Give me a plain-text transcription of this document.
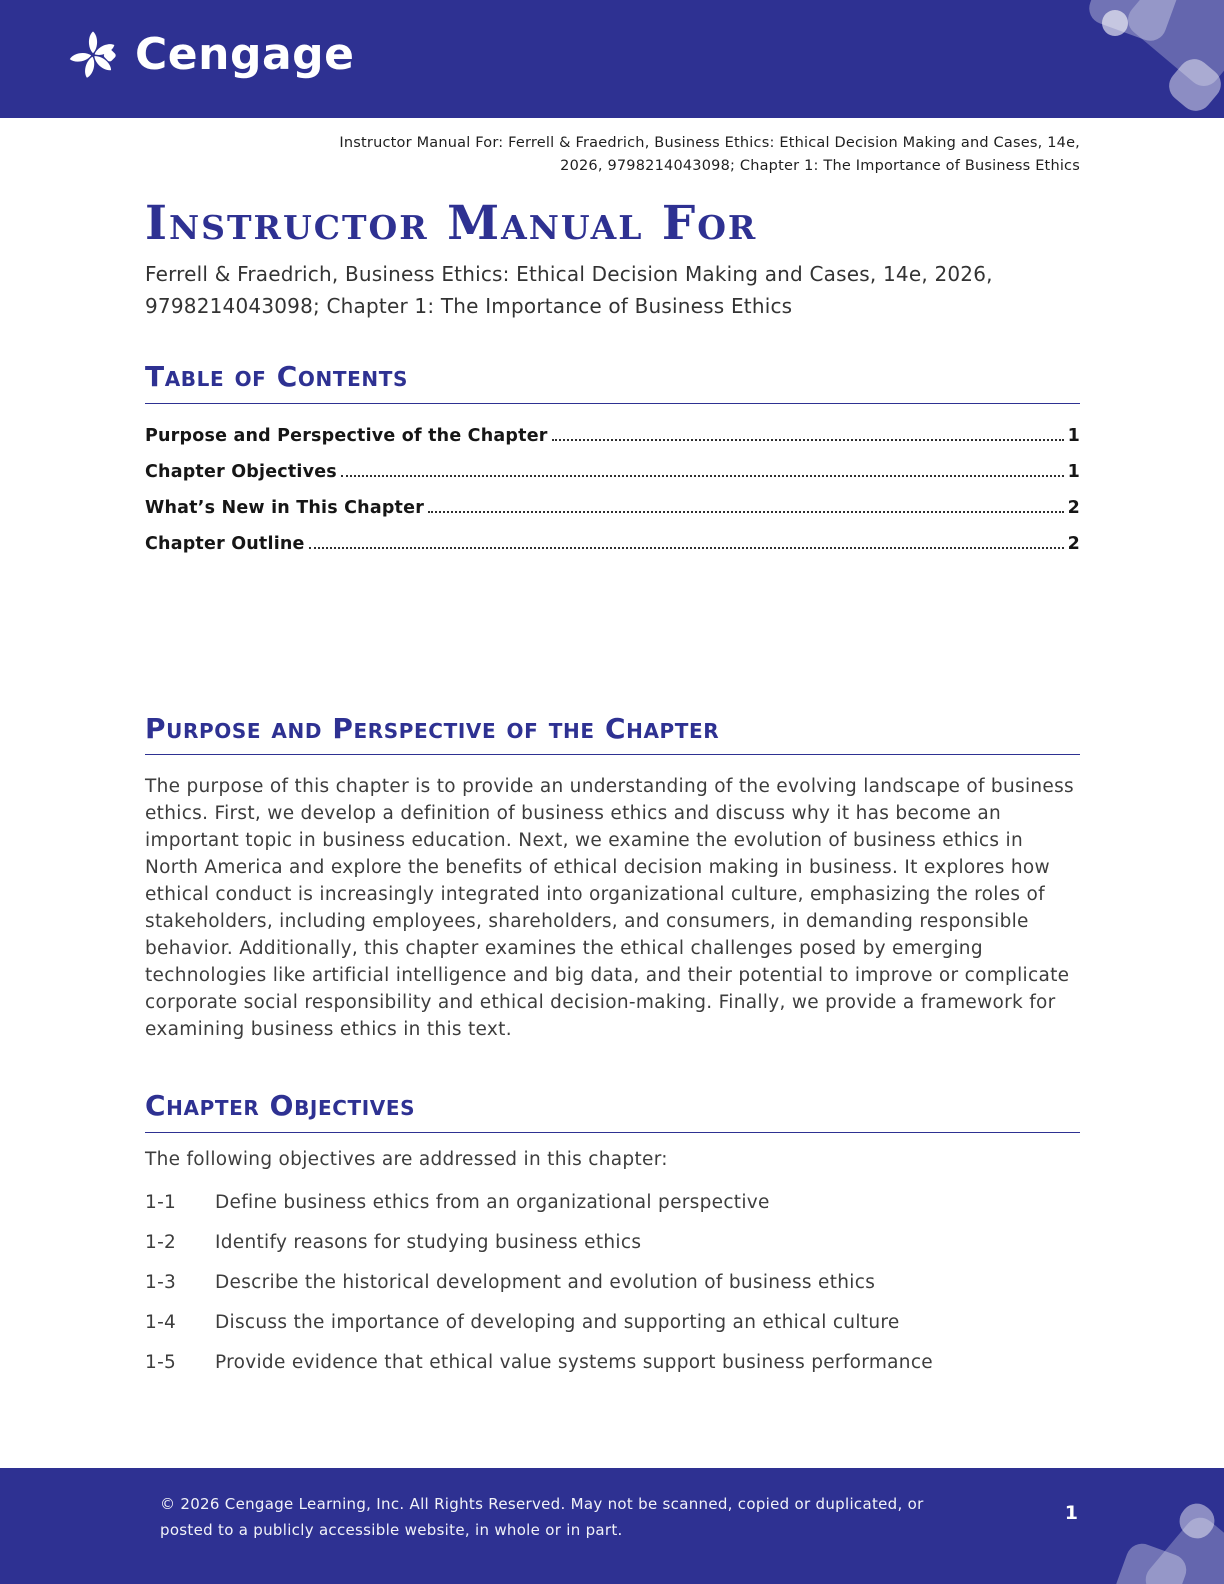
Cengage
Instructor Manual For: Ferrell & Fraedrich, Business Ethics: Ethical Decision Making and Cases, 14e,
2026, 9798214043098; Chapter 1: The Importance of Business Ethics
Instructor Manual For

Ferrell & Fraedrich, Business Ethics: Ethical Decision Making and Cases, 14e, 2026, 9798214043098; Chapter 1: The Importance of Business Ethics

Table of Contents
Purpose and Perspective of the Chapter	1
Chapter Objectives	1
What’s New in This Chapter	2
Chapter Outline	2
Purpose and Perspective of the Chapter

The purpose of this chapter is to provide an understanding of the evolving landscape of business ethics. First, we develop a definition of business ethics and discuss why it has become an important topic in business education. Next, we examine the evolution of business ethics in North America and explore the benefits of ethical decision making in business. It explores how ethical conduct is increasingly integrated into organizational culture, emphasizing the roles of stakeholders, including employees, shareholders, and consumers, in demanding responsible behavior. Additionally, this chapter examines the ethical challenges posed by emerging technologies like artificial intelligence and big data, and their potential to improve or complicate corporate social responsibility and ethical decision-making. Finally, we provide a framework for examining business ethics in this text.

Chapter Objectives

The following objectives are addressed in this chapter:

1-1	Define business ethics from an organizational perspective
1-2	Identify reasons for studying business ethics
1-3	Describe the historical development and evolution of business ethics
1-4	Discuss the importance of developing and supporting an ethical culture
1-5	Provide evidence that ethical value systems support business performance
© 2026 Cengage Learning, Inc. All Rights Reserved. May not be scanned, copied or duplicated, or
posted to a publicly accessible website, in whole or in part.
1
